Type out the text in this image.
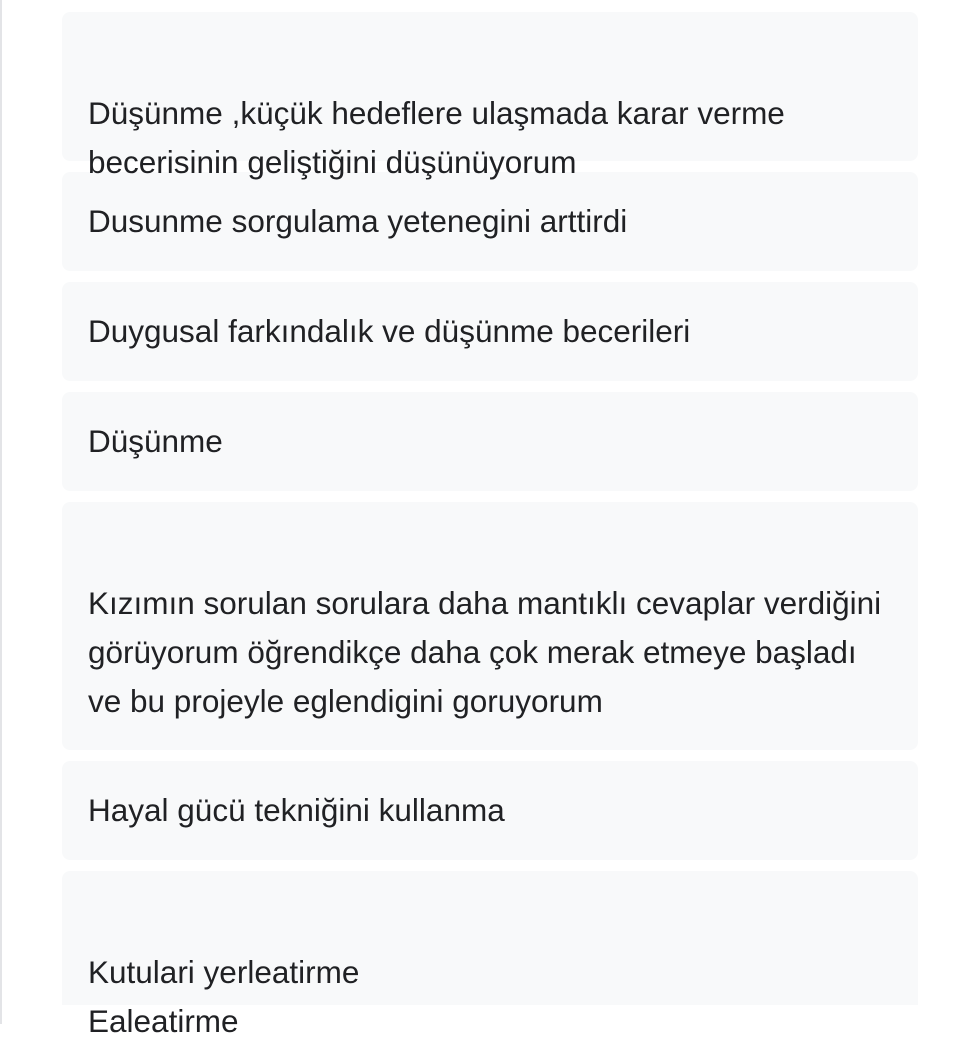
Düşünme ,küçük hedeflere ulaşmada karar verme becerisinin geliştiğini düşünüyorum

Dusunme sorgulama yetenegini arttirdi
Duygusal farkındalık ve düşünme becerileri
Düşünme

Kızımın sorulan sorulara daha mantıklı cevaplar verdiğini görüyorum öğrendikçe daha çok merak etmeye başladı ve bu projeyle eglendigini goruyorum

Hayal gücü tekniğini kullanma

Kutulari yerleatirme
Ealeatirme
